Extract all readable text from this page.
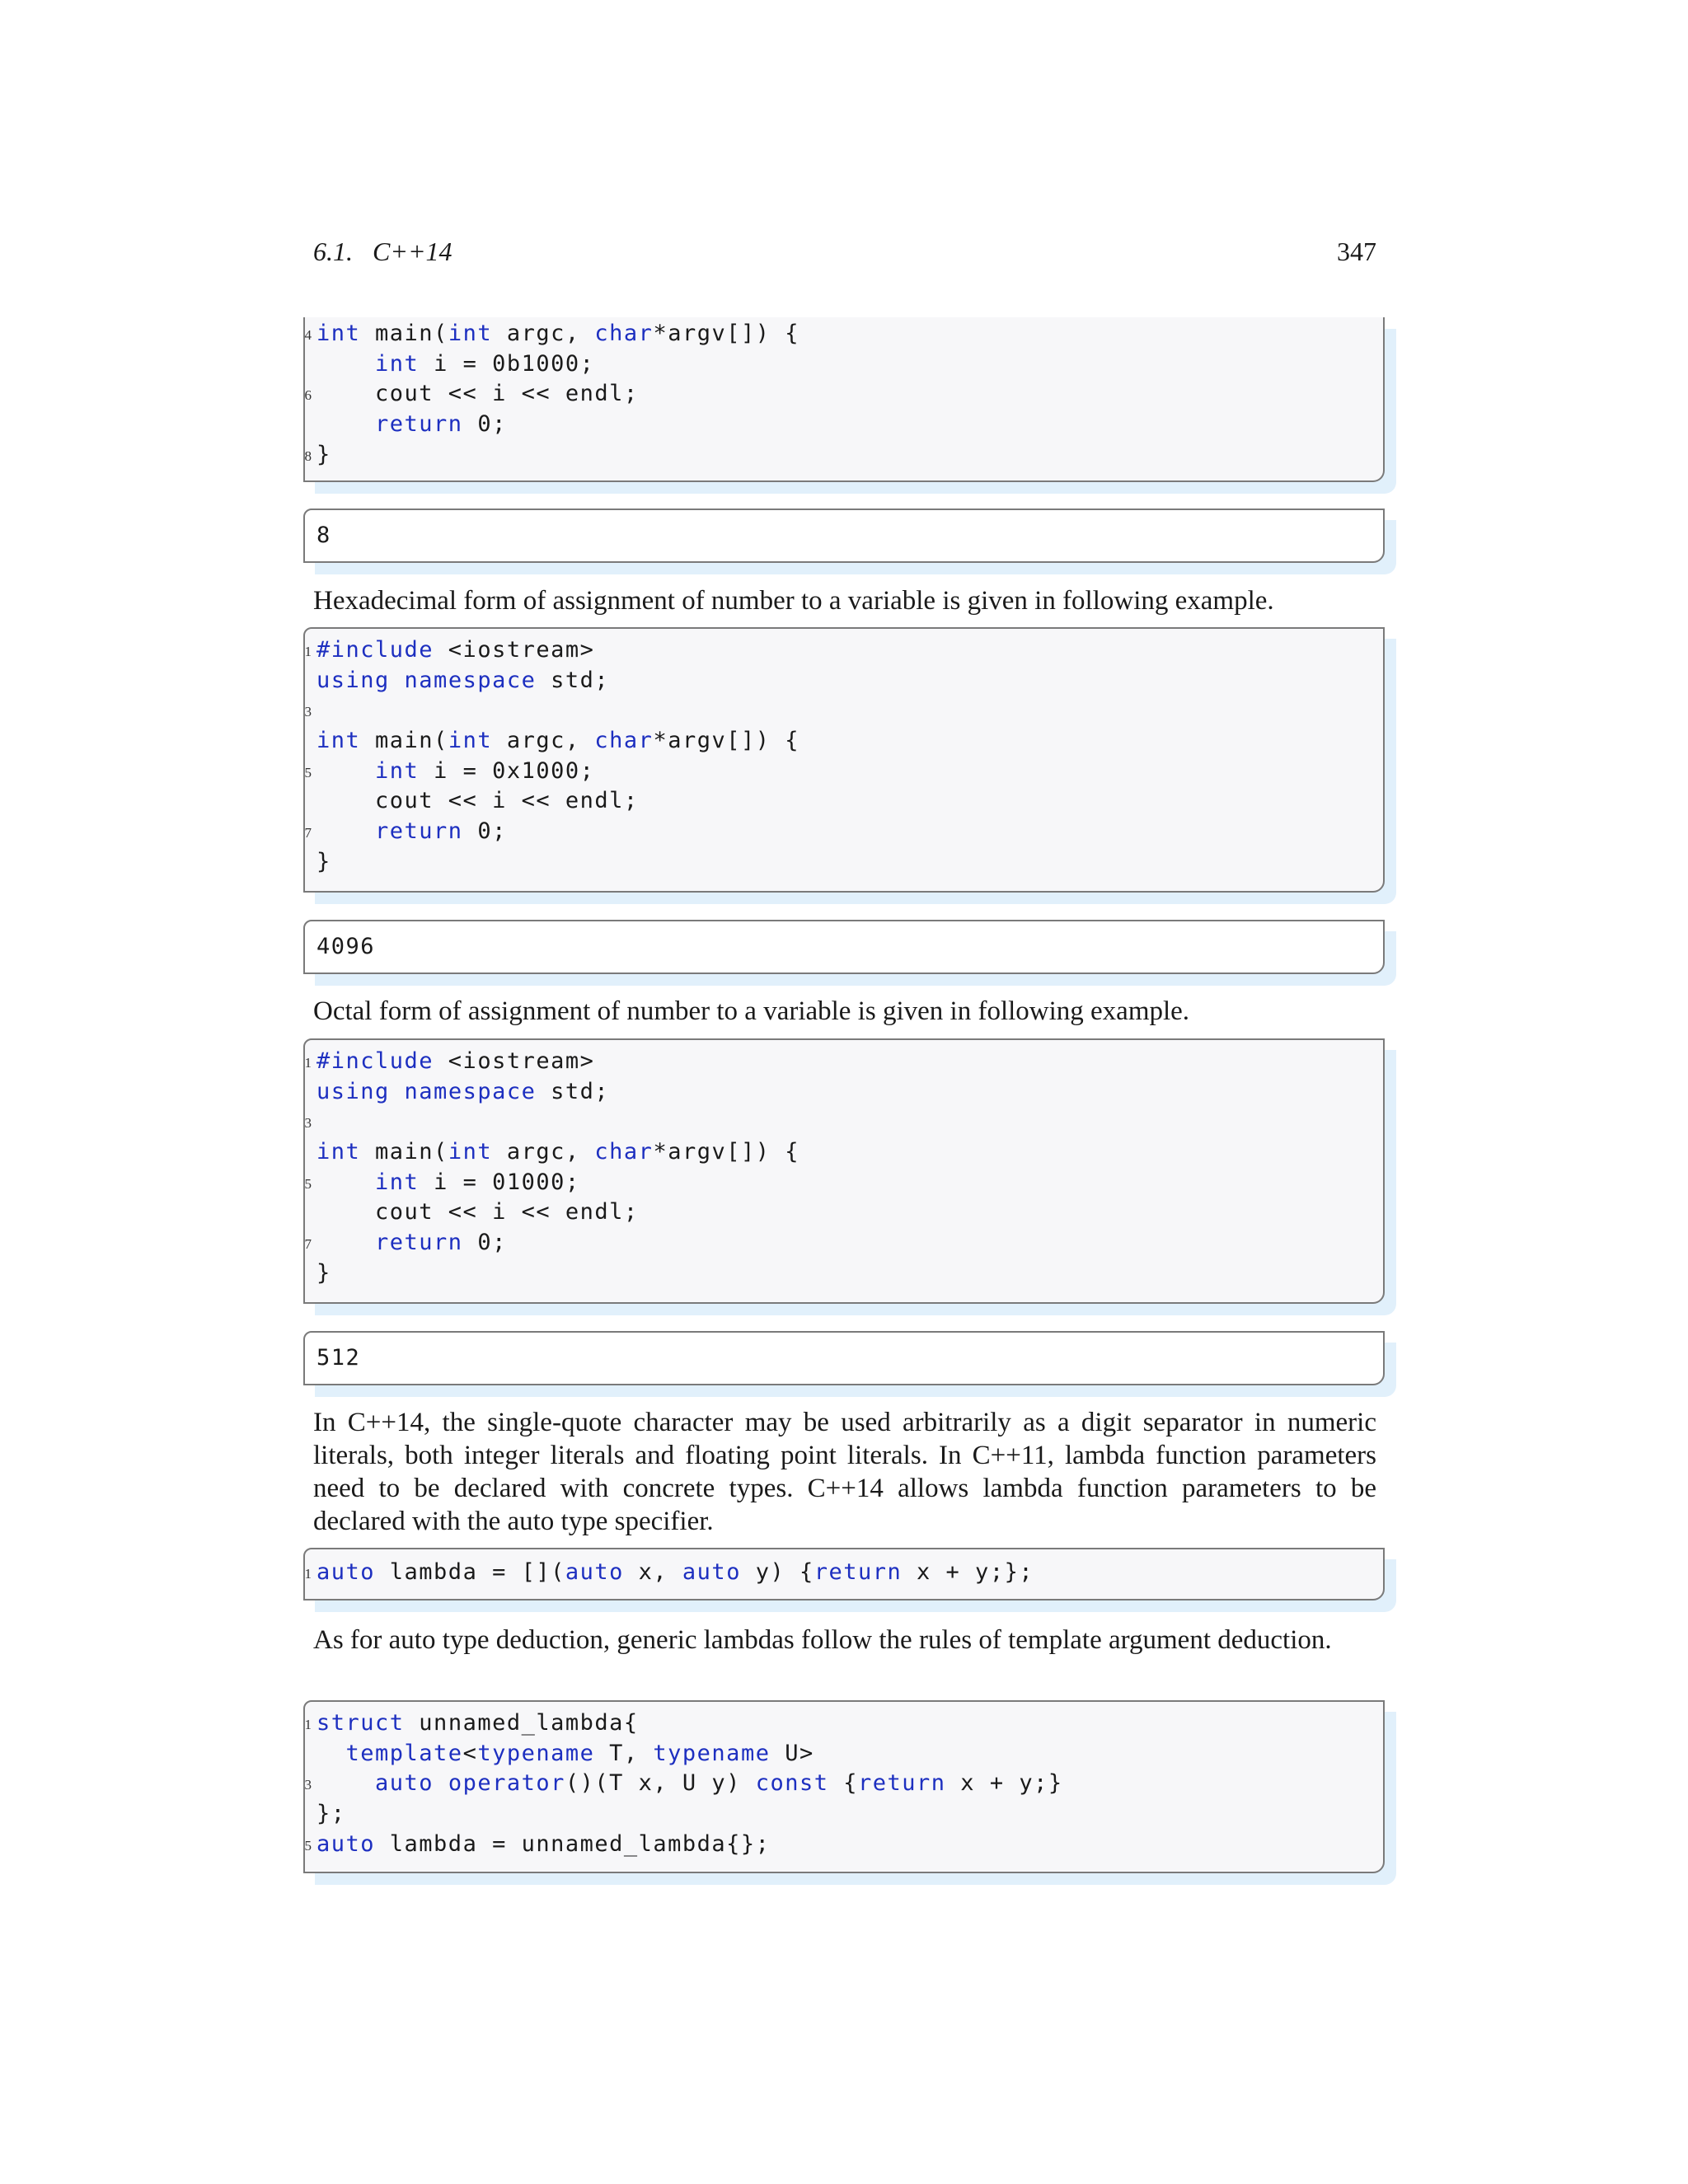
6.1.   C++14	347
4
6
8
int main(int argc, char*argv[]) {
int i = 0b1000;
cout << i << endl;
return 0;
}
8
Hexadecimal form of assignment of number to a variable is given in following example.
1
3
5
7
#include <iostream>
using namespace std;
int main(int argc, char*argv[]) {
int i = 0x1000;
cout << i << endl;
return 0;
}
4096
Octal form of assignment of number to a variable is given in following example.
1
3
5
7
#include <iostream>
using namespace std;
int main(int argc, char*argv[]) {
int i = 01000;
cout << i << endl;
return 0;
}
512
In C++14, the single-quote character may be used arbitrarily as a digit separator in numeric literals, both integer literals and floating point literals. In C++11, lambda function parameters need to be declared with concrete types. C++14 allows lambda function parameters to be declared with the auto type specifier.
1 auto lambda = [](auto x, auto y) {return x + y;};
As for auto type deduction, generic lambdas follow the rules of template argument deduction.
1
3
5
struct unnamed_lambda{
template<typename T, typename U>
auto operator()(T x, U y) const {return x + y;}
};
auto lambda = unnamed_lambda{};
